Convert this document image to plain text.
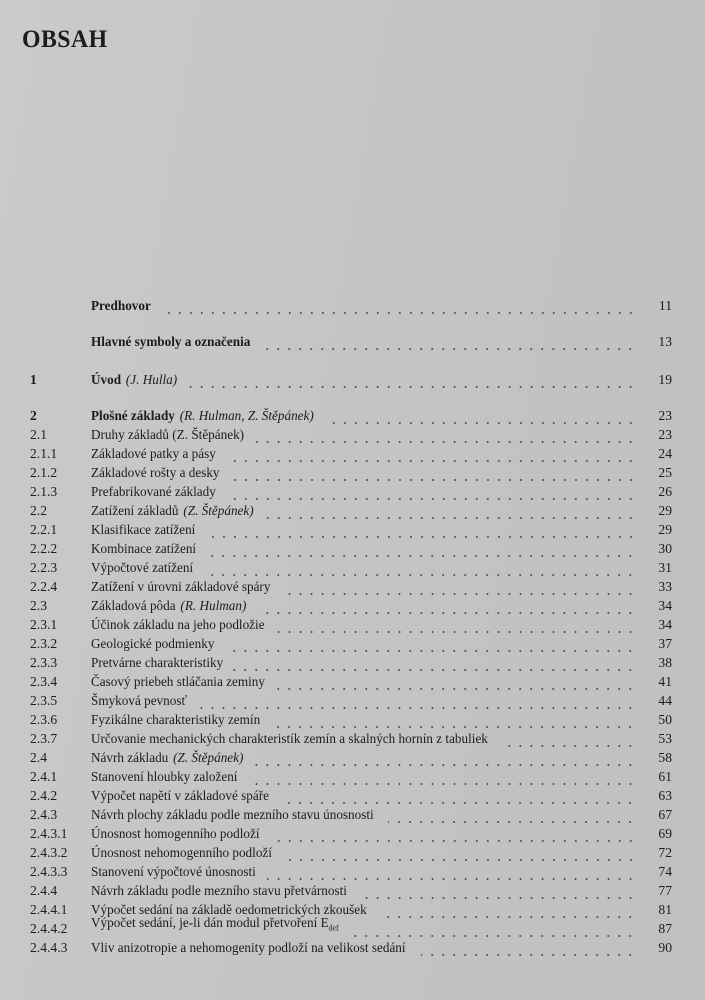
OBSAH
Predhovor	11
Hlavné symboly a označenia	13
1	Úvod (J. Hulla)	19
2	Plošné základy (R. Hulman, Z. Štěpánek)	23
2.1	Druhy základů (Z. Štěpánek)	23
2.1.1	Základové patky a pásy	24
2.1.2	Základové rošty a desky	25
2.1.3	Prefabrikované základy	26
2.2	Zatížení základů (Z. Štěpánek)	29
2.2.1	Klasifikace zatížení	29
2.2.2	Kombinace zatížení	30
2.2.3	Výpočtové zatížení	31
2.2.4	Zatížení v úrovni základové spáry	33
2.3	Základová pôda (R. Hulman)	34
2.3.1	Účinok základu na jeho podložie	34
2.3.2	Geologické podmienky	37
2.3.3	Pretvárne charakteristiky	38
2.3.4	Časový priebeh stláčania zeminy	41
2.3.5	Šmyková pevnosť	44
2.3.6	Fyzikálne charakteristiky zemín	50
2.3.7	Určovanie mechanických charakteristík zemín a skalných hornín z tabuliek	53
2.4	Návrh základu (Z. Štěpánek)	58
2.4.1	Stanovení hloubky založení	61
2.4.2	Výpočet napětí v základové spáře	63
2.4.3	Návrh plochy základu podle mezního stavu únosnosti	67
2.4.3.1	Únosnost homogenního podloží	69
2.4.3.2	Únosnost nehomogenního podloží	72
2.4.3.3	Stanovení výpočtové únosnosti	74
2.4.4	Návrh základu podle mezního stavu přetvárnosti	77
2.4.4.1	Výpočet sedání na základě oedometrických zkoušek	81
2.4.4.2	Výpočet sedání, je-li dán modul přetvoření $E_{def}$	87
2.4.4.3	Vliv anizotropie a nehomogenity podloží na velikost sedání	90
